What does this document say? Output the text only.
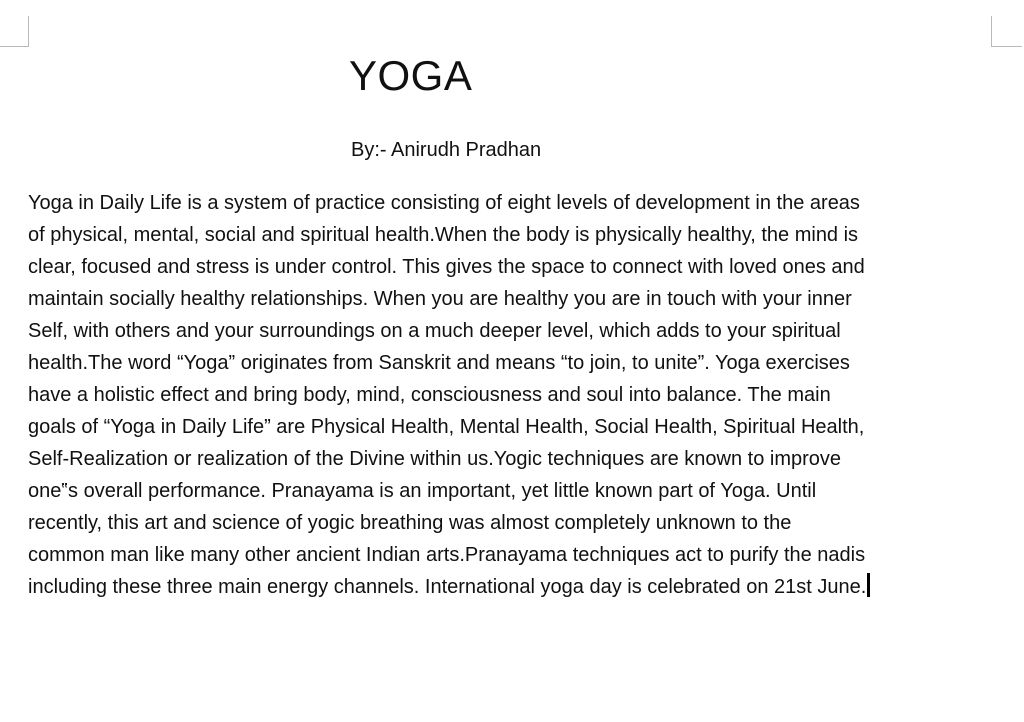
YOGA

By:- Anirudh Pradhan

Yoga in Daily Life is a system of practice consisting of eight levels of development in the areas
of physical, mental, social and spiritual health.When the body is physically healthy, the mind is
clear, focused and stress is under control. This gives the space to connect with loved ones and
maintain socially healthy relationships. When you are healthy you are in touch with your inner
Self, with others and your surroundings on a much deeper level, which adds to your spiritual
health.The word “Yoga” originates from Sanskrit and means “to join, to unite”. Yoga exercises
have a holistic effect and bring body, mind, consciousness and soul into balance. The main
goals of “Yoga in Daily Life” are Physical Health, Mental Health, Social Health, Spiritual Health,
Self-Realization or realization of the Divine within us.Yogic techniques are known to improve
one‟s overall performance. Pranayama is an important, yet little known part of Yoga. Until
recently, this art and science of yogic breathing was almost completely unknown to the
common man like many other ancient Indian arts.Pranayama techniques act to purify the nadis
including these three main energy channels. International yoga day is celebrated on 21st June.
